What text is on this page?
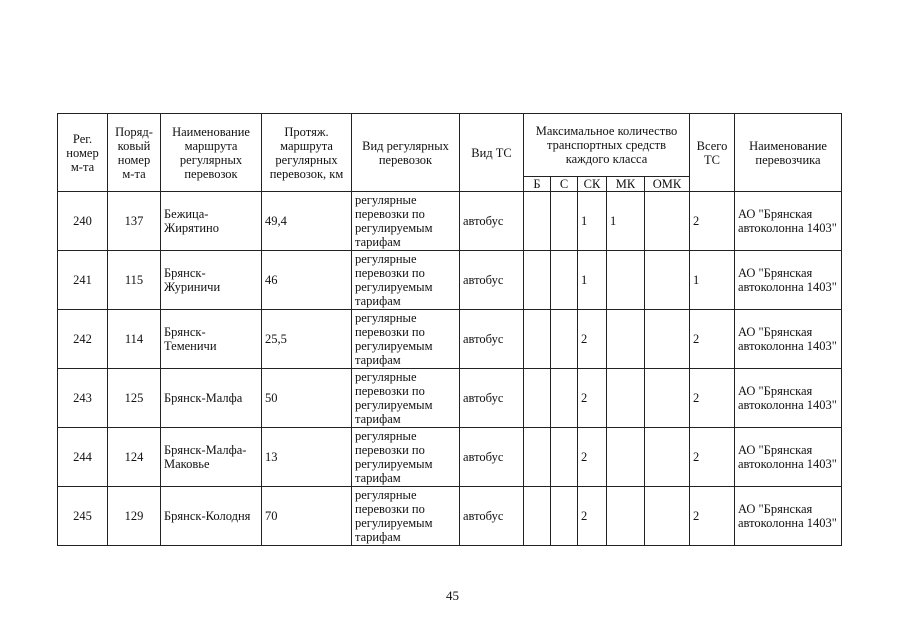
Рег. номер м-та	Поряд-ковый номер м-та	Наименование маршрута регулярных перевозок	Протяж. маршрута регулярных перевозок, км	Вид регулярных перевозок	Вид ТС	Максимальное количество транспортных средств каждого класса					Всего ТС	Наименование перевозчика
						Б	С	СК	МК	ОМК		
240	137	Бежица-Жирятино	49,4	регулярные перевозки по регулируемым тарифам	автобус			1	1		2	АО "Брянская автоколонна 1403"
241	115	Брянск-Журиничи	46	регулярные перевозки по регулируемым тарифам	автобус			1			1	АО "Брянская автоколонна 1403"
242	114	Брянск-Теменичи	25,5	регулярные перевозки по регулируемым тарифам	автобус			2			2	АО "Брянская автоколонна 1403"
243	125	Брянск-Малфа	50	регулярные перевозки по регулируемым тарифам	автобус			2			2	АО "Брянская автоколонна 1403"
244	124	Брянск-Малфа-Маковье	13	регулярные перевозки по регулируемым тарифам	автобус			2			2	АО "Брянская автоколонна 1403"
245	129	Брянск-Колодня	70	регулярные перевозки по регулируемым тарифам	автобус			2			2	АО "Брянская автоколонна 1403"
45
